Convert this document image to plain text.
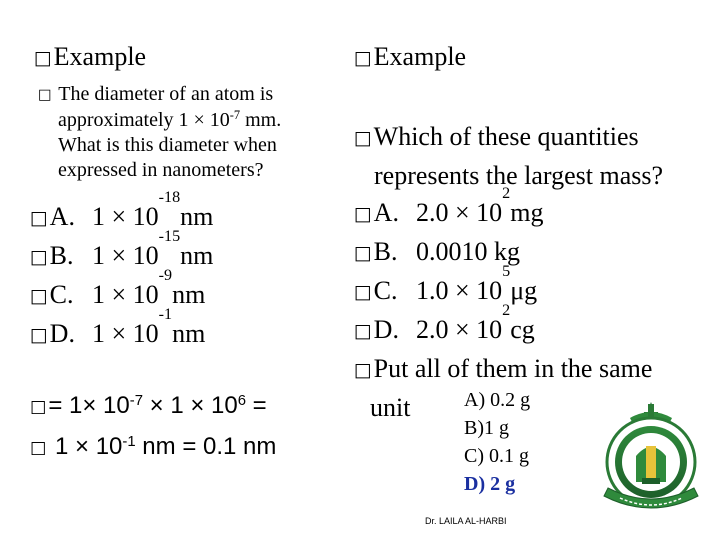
□Example
□ The diameter of an atom is
approximately $1 \times 10^{-7}$ mm.
What is this diameter when
expressed in nanometers?
□A. 1 × 10
-18
nm
□B. 1 × 10
-15
nm
□C. 1 × 10
-9
nm
□D. 1 × 10
-1
nm
□= $1\times 10^{-7} \times 1 \times 10^6$ =
□ $1 \times 10^{-1}$ nm = 0.1 nm
□Example
□Which of these quantities
represents the largest mass?
□A. 2.0 × 10
2
mg
□B. 0.0010 kg
□C. 1.0 × 10
5
μg
□D. 2.0 × 10
2
cg
□Put all of them in the same
unit	A) 0.2 g
B)1 g
C) 0.1 g
D) 2 g
Dr. LAILA AL-HARBI
